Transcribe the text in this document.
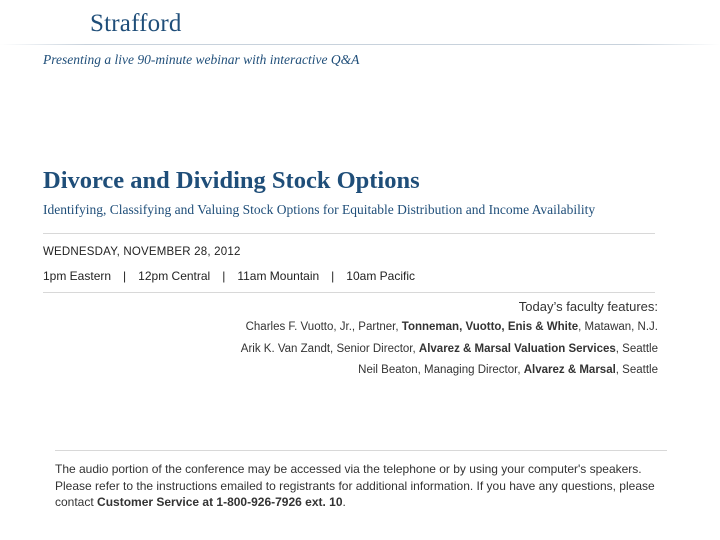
Strafford
Presenting a live 90-minute webinar with interactive Q&A
Divorce and Dividing Stock Options
Identifying, Classifying and Valuing Stock Options for Equitable Distribution and Income Availability
WEDNESDAY, NOVEMBER 28, 2012
1pm Eastern | 12pm Central | 11am Mountain | 10am Pacific
Today’s faculty features:
Charles F. Vuotto, Jr., Partner, Tonneman, Vuotto, Enis & White, Matawan, N.J.
Arik K. Van Zandt, Senior Director, Alvarez & Marsal Valuation Services, Seattle
Neil Beaton, Managing Director, Alvarez & Marsal, Seattle
The audio portion of the conference may be accessed via the telephone or by using your computer's speakers. Please refer to the instructions emailed to registrants for additional information. If you have any questions, please contact Customer Service at 1-800-926-7926 ext. 10.
